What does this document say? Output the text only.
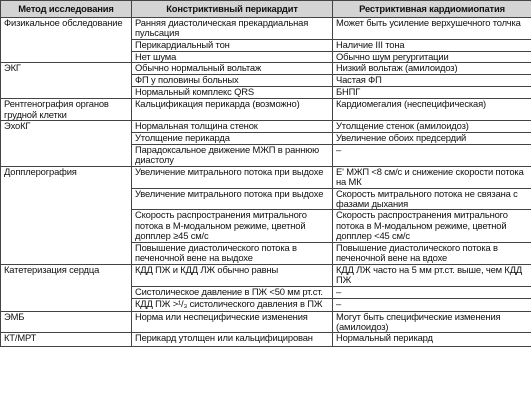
Метод исследования	Констриктивный перикардит	Рестриктивная кардиомиопатия
Физикальное обследование	Ранняя диастолическая прекардиальная пульсация	Может быть усиление верхушечного толчка
	Перикардиальный тон	Наличие III тона
	Нет шума	Обычно шум регургитации
ЭКГ	Обычно нормальный вольтаж	Низкий вольтаж (амилоидоз)
	ФП у половины больных	Частая ФП
	Нормальный комплекс QRS	БНПГ
Рентгенография органов грудной клетки	Кальцификация перикарда (возможно)	Кардиомегалия (неспецифическая)
ЭхоКГ	Нормальная толщина стенок	Утолщение стенок (амилоидоз)
	Утолщение перикарда	Увеличение обоих предсердий
	Парадоксальное движение МЖП в раннюю диастолу	–
Допплерография	Увеличение митрального потока при выдохе	E' МЖП <8 см/с и снижение скорости потока на МК
	Увеличение митрального потока при выдохе	Скорость митрального потока не связана с фазами дыхания
	Скорость распространения митрального потока в М-модальном режиме, цветной допплер ≥45 см/с	Скорость распространения митрального потока в М-модальном режиме, цветной допплер <45 см/с
	Повышение диастолического потока в печеночной вене на выдохе	Повышение диастолического потока в печеночной вене на вдохе
Катетеризация сердца	КДД ПЖ и КДД ЛЖ обычно равны	КДД ЛЖ часто на 5 мм рт.ст. выше, чем КДД ПЖ
	Систолическое давление в ПЖ <50 мм рт.ст.	–
	КДД ПЖ >¹/₃ систолического давления в ПЖ	–
ЭМБ	Норма или неспецифические изменения	Могут быть специфические изменения (амилоидоз)
КТ/МРТ	Перикард утолщен или кальцифицирован	Нормальный перикард
